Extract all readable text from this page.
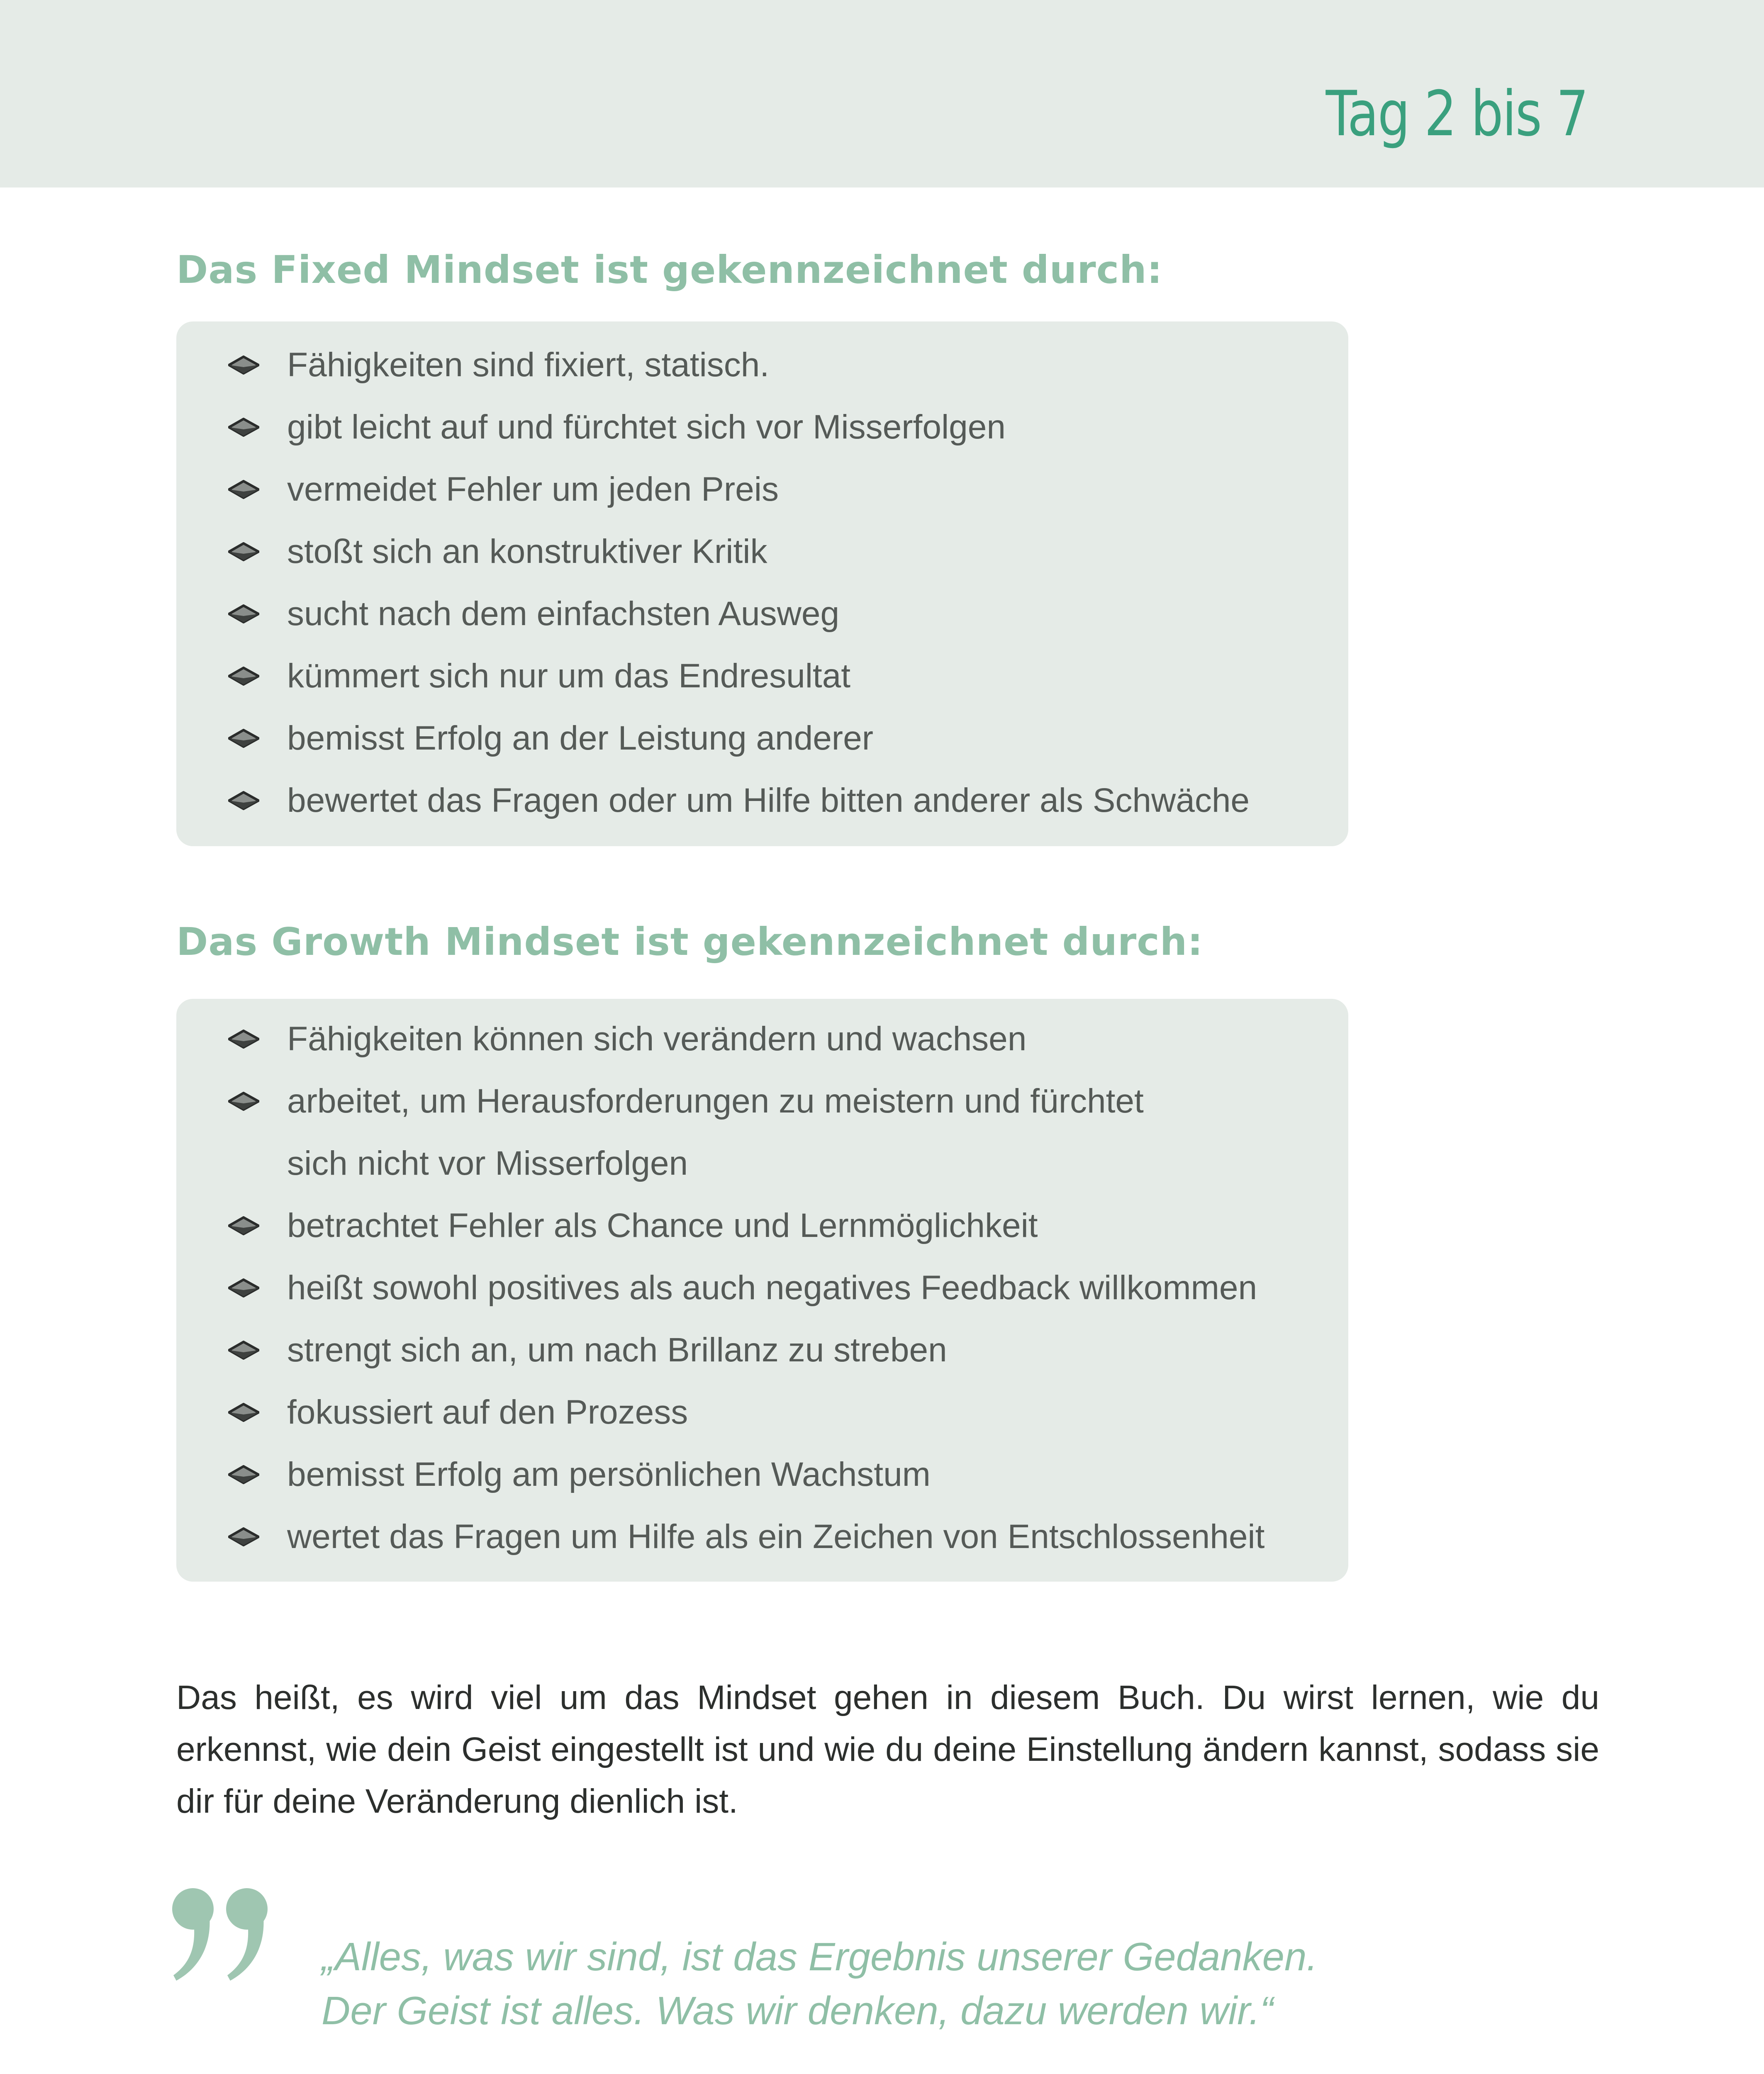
Tag 2 bis 7
Das Fixed Mindset ist gekennzeichnet durch:
Fähigkeiten sind fixiert, statisch.
gibt leicht auf und fürchtet sich vor Misserfolgen
vermeidet Fehler um jeden Preis
stoßt sich an konstruktiver Kritik
sucht nach dem einfachsten Ausweg
kümmert sich nur um das Endresultat
bemisst Erfolg an der Leistung anderer
bewertet das Fragen oder um Hilfe bitten anderer als Schwäche
Das Growth Mindset ist gekennzeichnet durch:
Fähigkeiten können sich verändern und wachsen
arbeitet, um Herausforderungen zu meistern und fürchtet
sich nicht vor Misserfolgen
betrachtet Fehler als Chance und Lernmöglichkeit
heißt sowohl positives als auch negatives Feedback willkommen
strengt sich an, um nach Brillanz zu streben
fokussiert auf den Prozess
bemisst Erfolg am persönlichen Wachstum
wertet das Fragen um Hilfe als ein Zeichen von Entschlossenheit

Das heißt, es wird viel um das Mindset gehen in diesem Buch. Du wirst lernen, wie du erkennst, wie dein Geist eingestellt ist und wie du deine Einstellung ändern kannst, sodass sie dir für deine Veränderung dienlich ist.

„Alles, was wir sind, ist das Ergebnis unserer Gedanken.
Der Geist ist alles. Was wir denken, dazu werden wir.“
